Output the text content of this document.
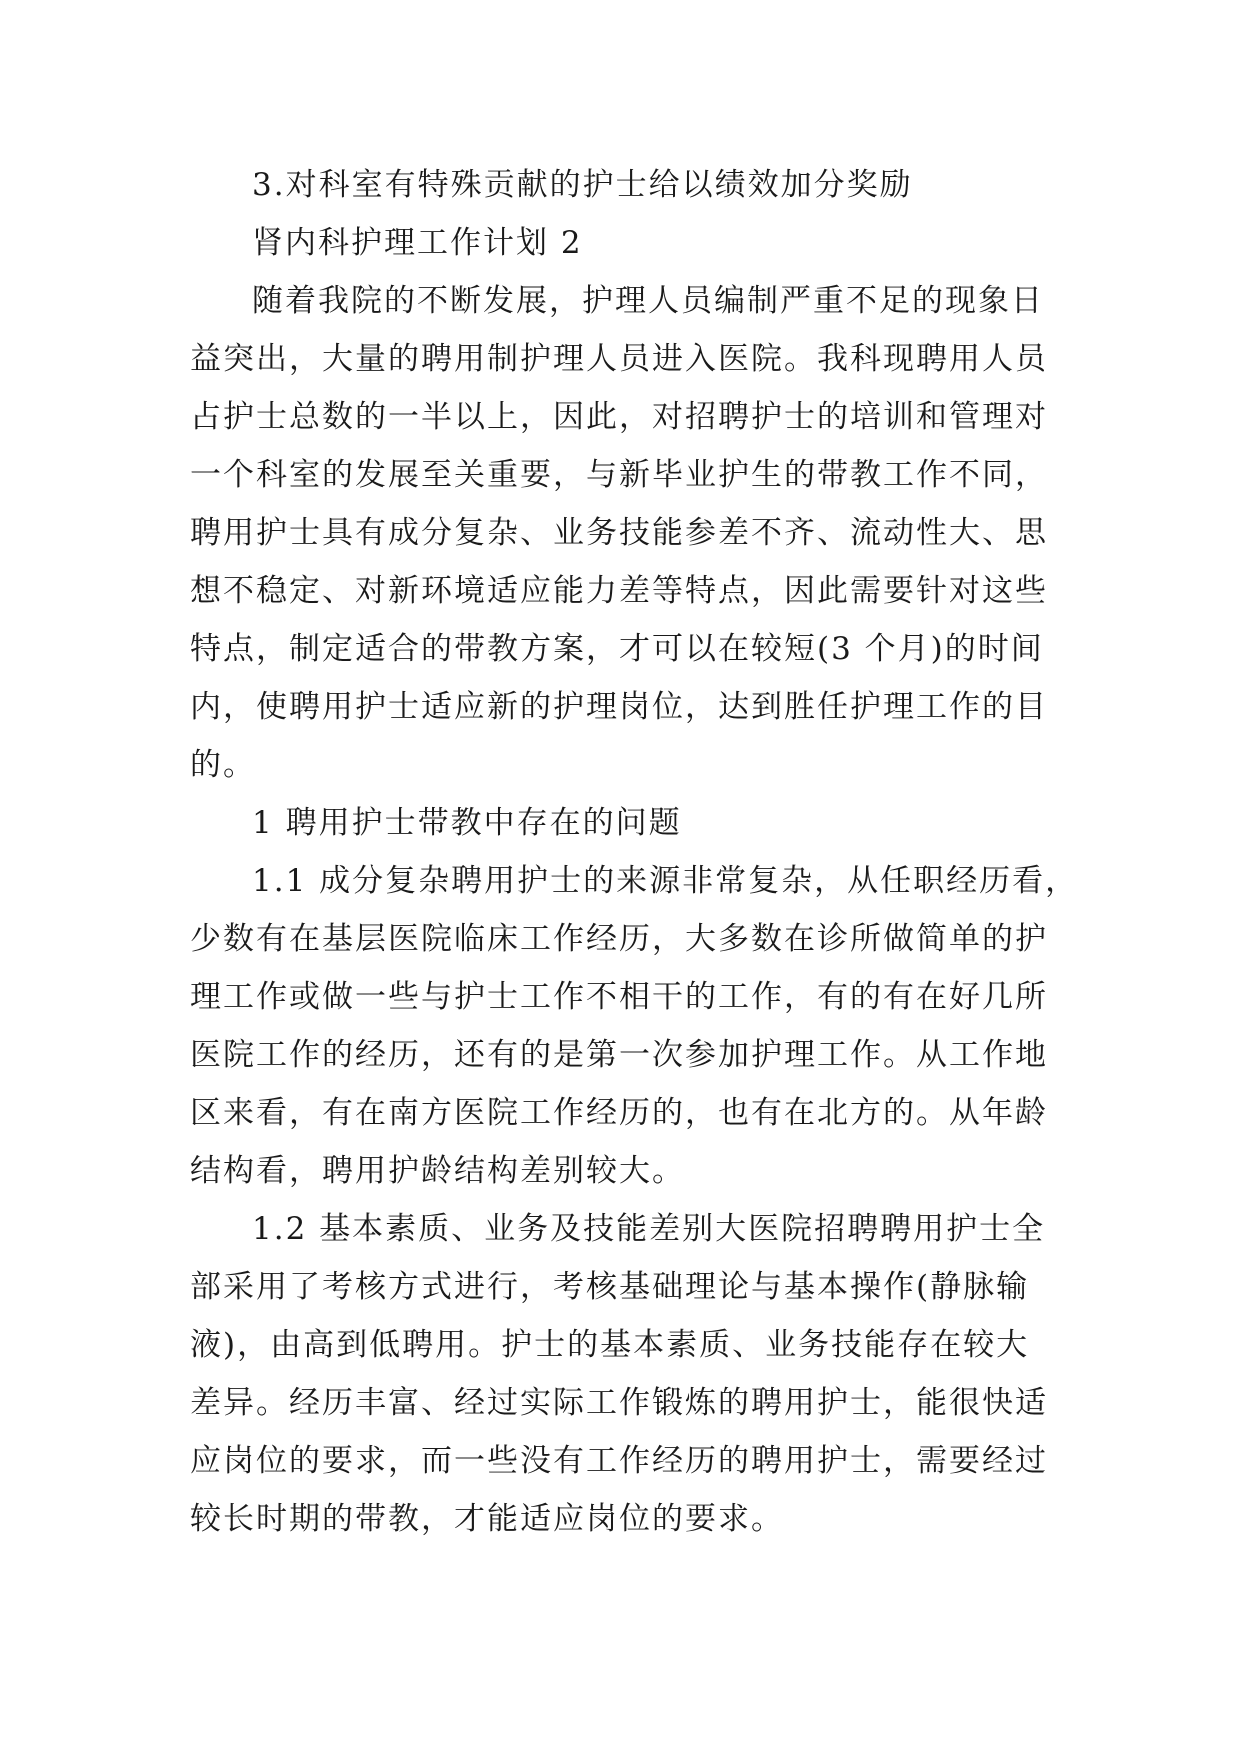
3.对科室有特殊贡献的护士给以绩效加分奖励

肾内科护理工作计划 2

随着我院的不断发展，护理人员编制严重不足的现象日
益突出，大量的聘用制护理人员进入医院。我科现聘用人员
占护士总数的一半以上，因此，对招聘护士的培训和管理对
一个科室的发展至关重要，与新毕业护生的带教工作不同，
聘用护士具有成分复杂、业务技能参差不齐、流动性大、思
想不稳定、对新环境适应能力差等特点，因此需要针对这些
特点，制定适合的带教方案，才可以在较短(3 个月)的时间
内，使聘用护士适应新的护理岗位，达到胜任护理工作的目
的。

1 聘用护士带教中存在的问题

1.1 成分复杂聘用护士的来源非常复杂，从任职经历看，
少数有在基层医院临床工作经历，大多数在诊所做简单的护
理工作或做一些与护士工作不相干的工作，有的有在好几所
医院工作的经历，还有的是第一次参加护理工作。从工作地
区来看，有在南方医院工作经历的，也有在北方的。从年龄
结构看，聘用护龄结构差别较大。

1.2 基本素质、业务及技能差别大医院招聘聘用护士全
部采用了考核方式进行，考核基础理论与基本操作(静脉输
液)，由高到低聘用。护士的基本素质、业务技能存在较大
差异。经历丰富、经过实际工作锻炼的聘用护士，能很快适
应岗位的要求，而一些没有工作经历的聘用护士，需要经过
较长时期的带教，才能适应岗位的要求。
